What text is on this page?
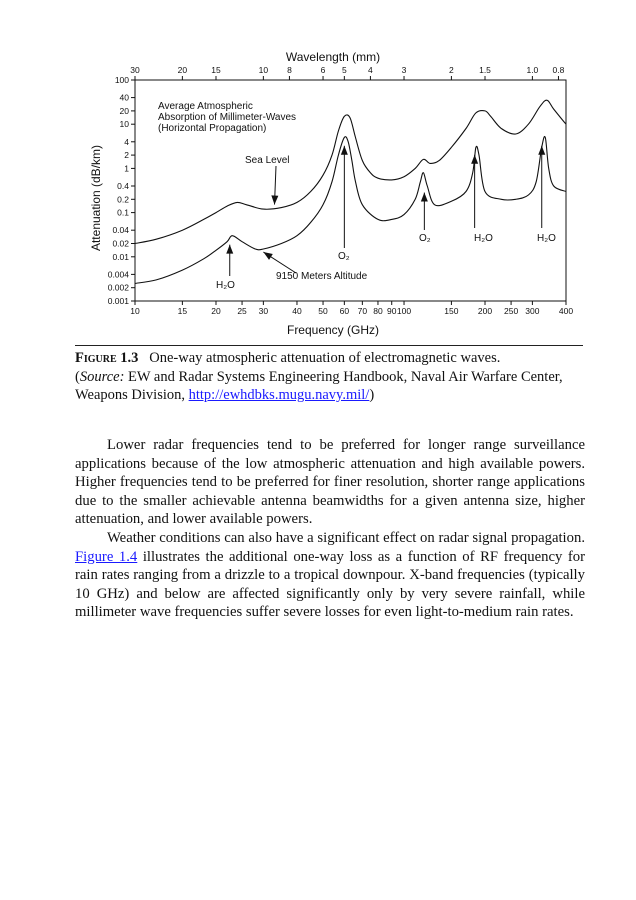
Wavelength (mm)
30	20	15	10 8	6 5	4	3	2	1.5	1.0 0.8
0.001
0.002
0.004
0.01
0.02
0.04
0.1
0.2
0.4
1
2
4
10
20
40
100
10	15	20 25 30	40 50 60 70 80 90 100	150 200 250 300 400
Average Atmospheric
Absorption of Millimeter-Waves
(Horizontal Propagation)
Sea Level
9150 Meters Altitude
H₂O
O₂
O₂	H₂O	H₂O
Frequency (GHz)
Attenuation (dB/km)
Figure 1.3 One-way atmospheric attenuation of electromagnetic waves.
(Source: EW and Radar Systems Engineering Handbook, Naval Air Warfare Center, Weapons Division, http://ewhdbks.mugu.navy.mil/)

Lower radar frequencies tend to be preferred for longer range surveillance applications because of the low atmospheric attenuation and high available powers. Higher frequencies tend to be preferred for finer resolution, shorter range applications due to the smaller achievable antenna beamwidths for a given antenna size, higher attenuation, and lower available powers.

Weather conditions can also have a significant effect on radar signal propagation. Figure 1.4 illustrates the additional one-way loss as a function of RF frequency for rain rates ranging from a drizzle to a tropical downpour. X-band frequencies (typically 10 GHz) and below are affected significantly only by very severe rainfall, while millimeter wave frequencies suffer severe losses for even light-to-medium rain rates.
